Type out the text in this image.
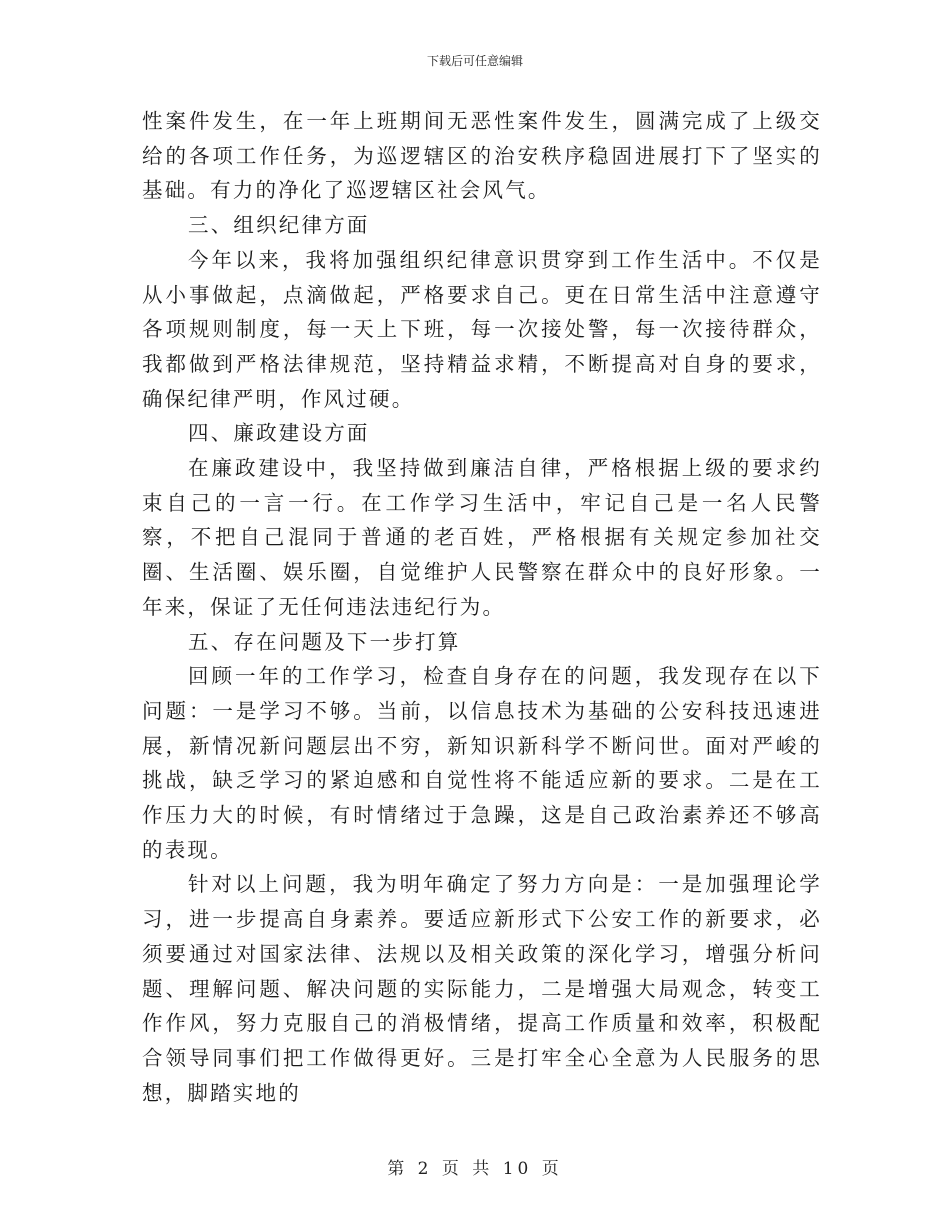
下载后可任意编辑

性案件发生，在一年上班期间无恶性案件发生，圆满完成了上级交给的各项工作任务，为巡逻辖区的治安秩序稳固进展打下了坚实的基础。有力的净化了巡逻辖区社会风气。

三、组织纪律方面

今年以来，我将加强组织纪律意识贯穿到工作生活中。不仅是从小事做起，点滴做起，严格要求自己。更在日常生活中注意遵守各项规则制度，每一天上下班，每一次接处警，每一次接待群众，我都做到严格法律规范，坚持精益求精，不断提高对自身的要求，确保纪律严明，作风过硬。

四、廉政建设方面

在廉政建设中，我坚持做到廉洁自律，严格根据上级的要求约束自己的一言一行。在工作学习生活中，牢记自己是一名人民警察，不把自己混同于普通的老百姓，严格根据有关规定参加社交圈、生活圈、娱乐圈，自觉维护人民警察在群众中的良好形象。一年来，保证了无任何违法违纪行为。

五、存在问题及下一步打算

回顾一年的工作学习，检查自身存在的问题，我发现存在以下问题：一是学习不够。当前，以信息技术为基础的公安科技迅速进展，新情况新问题层出不穷，新知识新科学不断问世。面对严峻的挑战，缺乏学习的紧迫感和自觉性将不能适应新的要求。二是在工作压力大的时候，有时情绪过于急躁，这是自己政治素养还不够高的表现。

针对以上问题，我为明年确定了努力方向是：一是加强理论学习，进一步提高自身素养。要适应新形式下公安工作的新要求，必须要通过对国家法律、法规以及相关政策的深化学习，增强分析问题、理解问题、解决问题的实际能力，二是增强大局观念，转变工作作风，努力克服自己的消极情绪，提高工作质量和效率，积极配合领导同事们把工作做得更好。三是打牢全心全意为人民服务的思想，脚踏实地的

第 2 页 共 10 页
